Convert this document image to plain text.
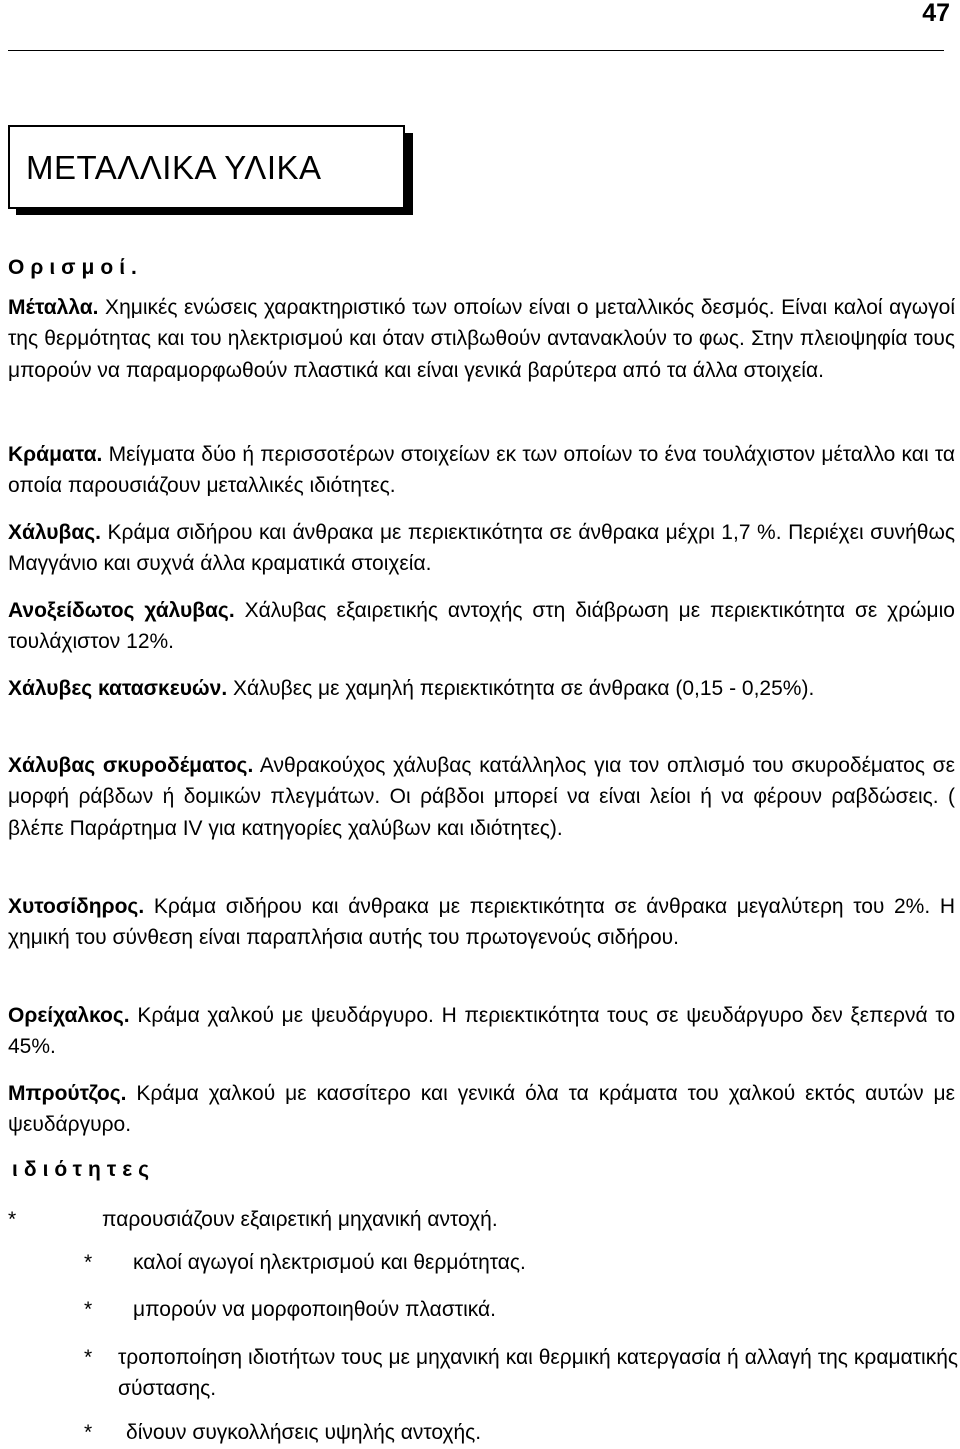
47
ΜΕΤΑΛΛΙΚΑ ΥΛΙΚΑ
Ορισμοί.
Μέταλλα. Χημικές ενώσεις χαρακτηριστικό των οποίων είναι ο μεταλλικός δεσμός. Είναι καλοί αγωγοί της θερμότητας και του ηλεκτρισμού και όταν στιλβωθούν αντανακλούν το φως. Στην πλειοψηφία τους μπορούν να παραμορφωθούν πλαστικά και είναι γενικά βαρύτερα από τα άλλα στοιχεία.
Κράματα. Μείγματα δύο ή περισσοτέρων στοιχείων εκ των οποίων το ένα τουλάχιστον μέταλλο και τα οποία παρουσιάζουν μεταλλικές ιδιότητες.
Χάλυβας. Κράμα σιδήρου και άνθρακα με περιεκτικότητα σε άνθρακα μέχρι 1,7 %. Περιέχει συνήθως Μαγγάνιο και συχνά άλλα κραματικά στοιχεία.
Ανοξείδωτος χάλυβας. Χάλυβας εξαιρετικής αντοχής στη διάβρωση με περιεκτικότητα σε χρώμιο τουλάχιστον 12%.
Χάλυβες κατασκευών. Χάλυβες με χαμηλή περιεκτικότητα σε άνθρακα (0,15 - 0,25%).
Χάλυβας σκυροδέματος. Ανθρακούχος χάλυβας κατάλληλος για τον οπλισμό του σκυροδέματος σε μορφή ράβδων ή δομικών πλεγμάτων. Οι ράβδοι μπορεί να είναι λείοι ή να φέρουν ραβδώσεις. ( βλέπε Παράρτημα IV για κατηγορίες χαλύβων και ιδιότητες).
Χυτοσίδηρος. Κράμα σιδήρου και άνθρακα με περιεκτικότητα σε άνθρακα μεγαλύτερη του 2%. Η χημική του σύνθεση είναι παραπλήσια αυτής του πρωτογενούς σιδήρου.
Ορείχαλκος. Κράμα χαλκού με ψευδάργυρο. Η περιεκτικότητα τους σε ψευδάργυρο δεν ξεπερνά το 45%.
Μπρούτζος. Κράμα χαλκού με κασσίτερο και γενικά όλα τα κράματα του χαλκού εκτός αυτών με ψευδάργυρο.
ιδιότητες
*	παρουσιάζουν εξαιρετική μηχανική αντοχή.
* καλοί αγωγοί ηλεκτρισμού και θερμότητας.
* μπορούν να μορφοποιηθούν πλαστικά.
* τροποποίηση ιδιοτήτων τους με μηχανική και θερμική κατεργασία ή αλλαγή της κραματικής σύστασης.
* δίνουν συγκολλήσεις υψηλής αντοχής.
